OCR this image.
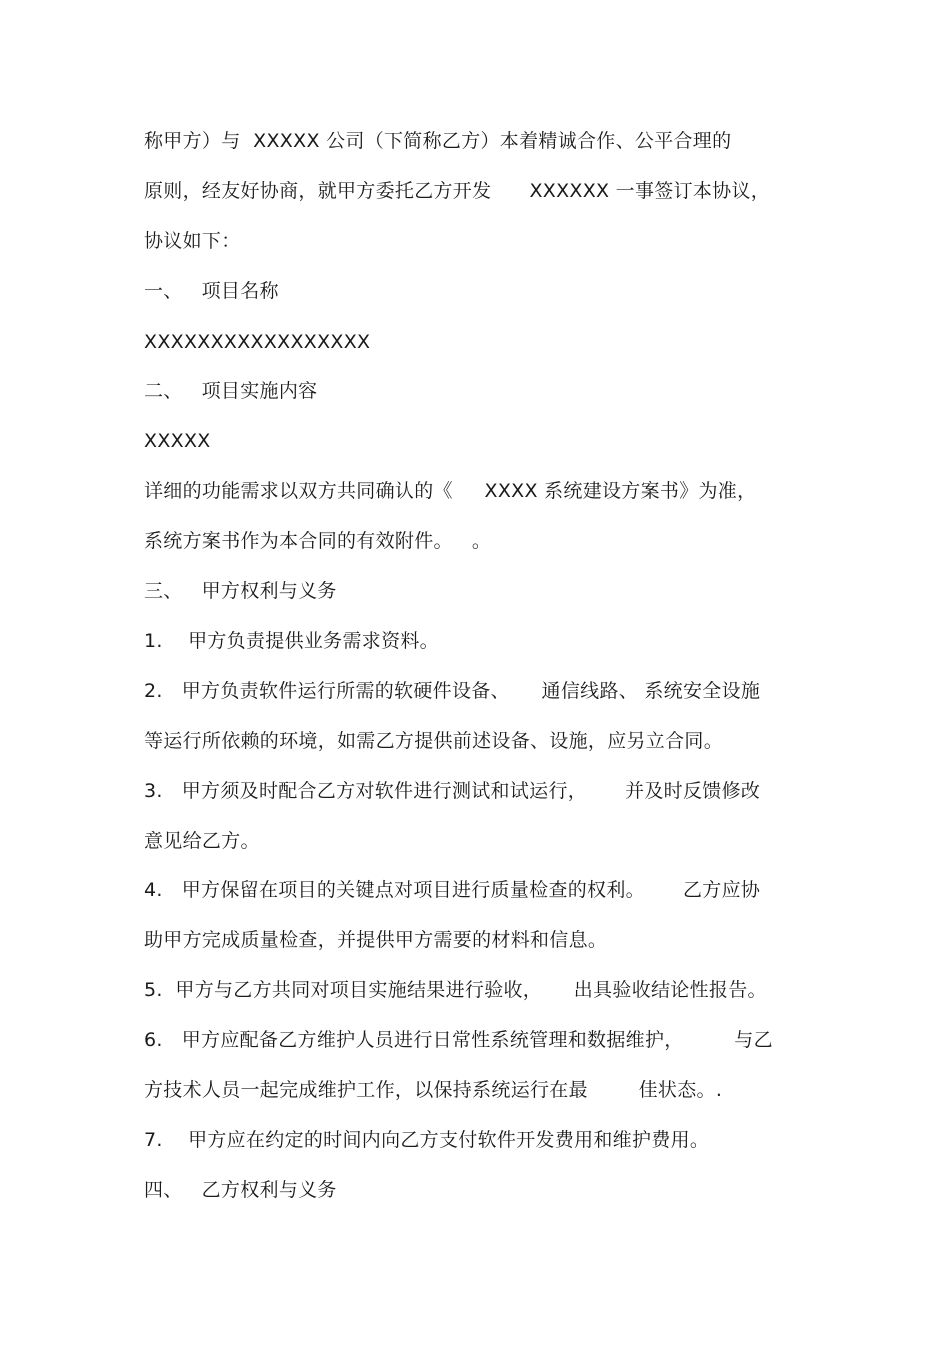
称甲方）与  XXXXX 公司（下简称乙方）本着精诚合作、公平合理的

原则，经友好协商，就甲方委托乙方开发      XXXXXX 一事签订本协议，

协议如下：

一、   项目名称

XXXXXXXXXXXXXXXXX

二、   项目实施内容

XXXXX

详细的功能需求以双方共同确认的《     XXXX 系统建设方案书》为准，

系统方案书作为本合同的有效附件。   。

三、   甲方权利与义务

1.    甲方负责提供业务需求资料。

2.   甲方负责软件运行所需的软硬件设备、     通信线路、 系统安全设施

等运行所依赖的环境，如需乙方提供前述设备、设施，应另立合同。

3.   甲方须及时配合乙方对软件进行测试和试运行，      并及时反馈修改

意见给乙方。

4.   甲方保留在项目的关键点对项目进行质量检查的权利。      乙方应协

助甲方完成质量检查，并提供甲方需要的材料和信息。

5.  甲方与乙方共同对项目实施结果进行验收，     出具验收结论性报告。

6.   甲方应配备乙方维护人员进行日常性系统管理和数据维护，        与乙

方技术人员一起完成维护工作，以保持系统运行在最        佳状态。.

7.    甲方应在约定的时间内向乙方支付软件开发费用和维护费用。

四、   乙方权利与义务
